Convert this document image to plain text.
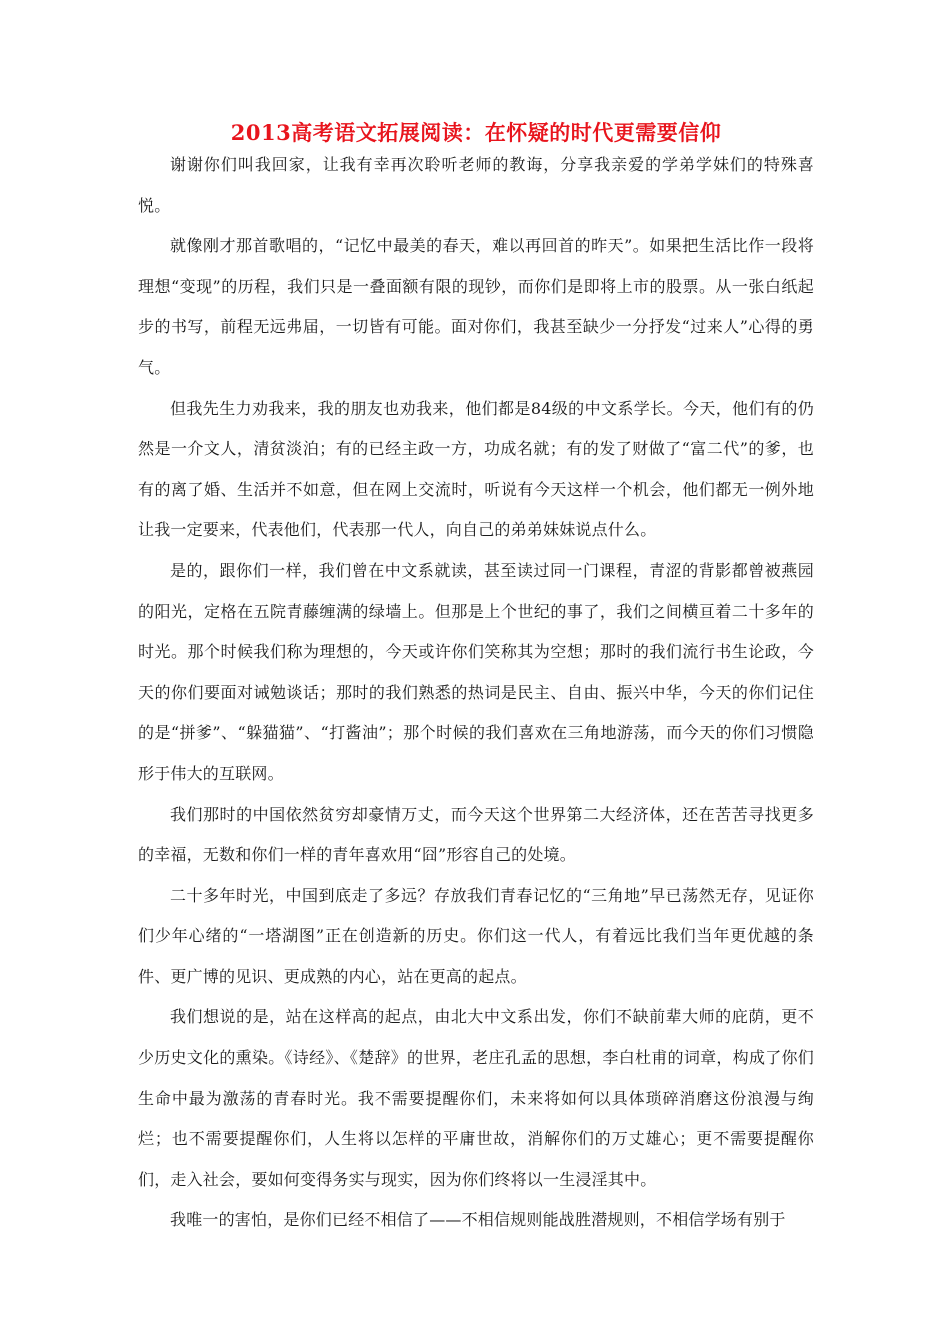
2013高考语文拓展阅读：在怀疑的时代更需要信仰

谢谢你们叫我回家，让我有幸再次聆听老师的教诲，分享我亲爱的学弟学妹们的特殊喜悦。

就像刚才那首歌唱的，“记忆中最美的春天，难以再回首的昨天”。如果把生活比作一段将理想“变现”的历程，我们只是一叠面额有限的现钞，而你们是即将上市的股票。从一张白纸起步的书写，前程无远弗届，一切皆有可能。面对你们，我甚至缺少一分抒发“过来人”心得的勇气。

但我先生力劝我来，我的朋友也劝我来，他们都是84级的中文系学长。今天，他们有的仍然是一介文人，清贫淡泊；有的已经主政一方，功成名就；有的发了财做了“富二代”的爹，也有的离了婚、生活并不如意，但在网上交流时，听说有今天这样一个机会，他们都无一例外地让我一定要来，代表他们，代表那一代人，向自己的弟弟妹妹说点什么。

是的，跟你们一样，我们曾在中文系就读，甚至读过同一门课程，青涩的背影都曾被燕园的阳光，定格在五院青藤缠满的绿墙上。但那是上个世纪的事了，我们之间横亘着二十多年的时光。那个时候我们称为理想的，今天或许你们笑称其为空想；那时的我们流行书生论政，今天的你们要面对诫勉谈话；那时的我们熟悉的热词是民主、自由、振兴中华，今天的你们记住的是“拼爹”、“躲猫猫”、“打酱油”；那个时候的我们喜欢在三角地游荡，而今天的你们习惯隐形于伟大的互联网。

我们那时的中国依然贫穷却豪情万丈，而今天这个世界第二大经济体，还在苦苦寻找更多的幸福，无数和你们一样的青年喜欢用“囧”形容自己的处境。

二十多年时光，中国到底走了多远？存放我们青春记忆的“三角地”早已荡然无存，见证你们少年心绪的“一塔湖图”正在创造新的历史。你们这一代人，有着远比我们当年更优越的条件、更广博的见识、更成熟的内心，站在更高的起点。

我们想说的是，站在这样高的起点，由北大中文系出发，你们不缺前辈大师的庇荫，更不少历史文化的熏染。《诗经》、《楚辞》的世界，老庄孔孟的思想，李白杜甫的词章，构成了你们生命中最为激荡的青春时光。我不需要提醒你们，未来将如何以具体琐碎消磨这份浪漫与绚烂；也不需要提醒你们，人生将以怎样的平庸世故，消解你们的万丈雄心；更不需要提醒你们，走入社会，要如何变得务实与现实，因为你们终将以一生浸淫其中。

我唯一的害怕，是你们已经不相信了——不相信规则能战胜潜规则，不相信学场有别于
